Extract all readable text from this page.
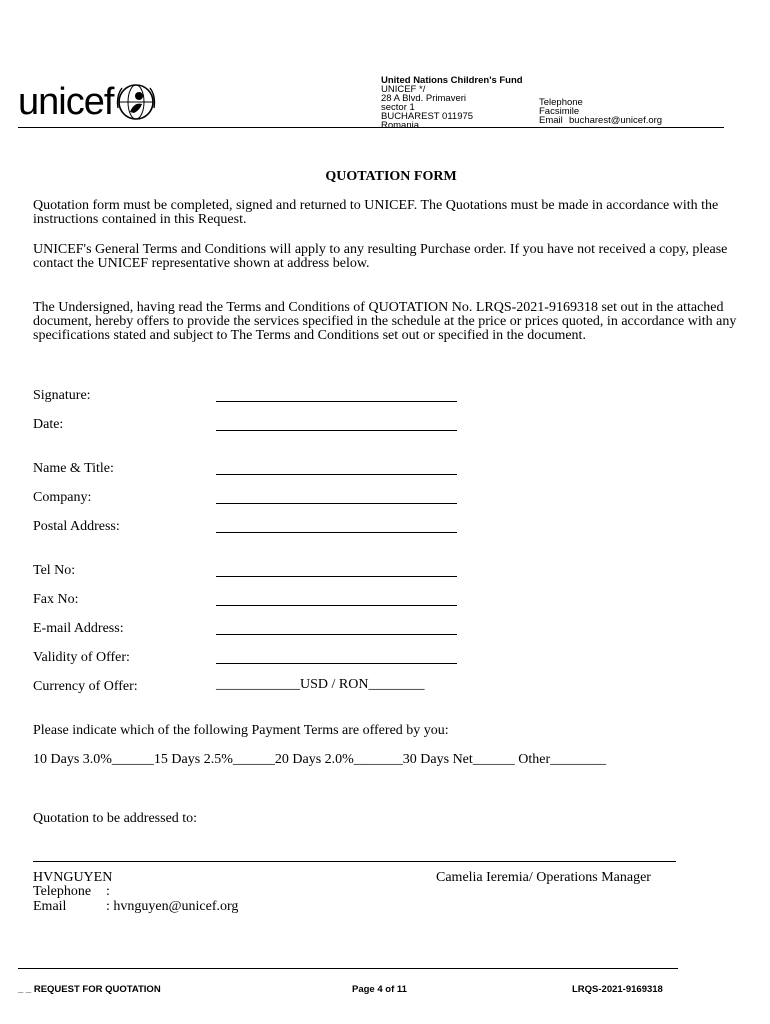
unicef
United Nations Children's Fund
UNICEF */
28 A Blvd. Primaveri
sector 1
BUCHAREST 011975
Romania
Telephone
Facsimile
Email bucharest@unicef.org
QUOTATION FORM
Quotation form must be completed, signed and returned to UNICEF. The Quotations must be made in accordance with the instructions contained in this Request.
UNICEF's General Terms and Conditions will apply to any resulting Purchase order. If you have not received a copy, please contact the UNICEF representative shown at address below.
The Undersigned, having read the Terms and Conditions of QUOTATION No. LRQS-2021-9169318 set out in the attached document, hereby offers to provide the services specified in the schedule at the price or prices quoted, in accordance with any specifications stated and subject to The Terms and Conditions set out or specified in the document.
Signature:
Date:
Name & Title:
Company:
Postal Address:
Tel No:
Fax No:
E-mail Address:
Validity of Offer:
Currency of Offer:	____________USD / RON________
Please indicate which of the following Payment Terms are offered by you:
10 Days 3.0%______15 Days 2.5%______20 Days 2.0%_______30 Days Net______ Other________
Quotation to be addressed to:
HVNGUYEN	Camelia Ieremia/ Operations Manager
Telephone :
Email	: hvnguyen@unicef.org
_ _ REQUEST FOR QUOTATION	Page 4 of 11	LRQS-2021-9169318
